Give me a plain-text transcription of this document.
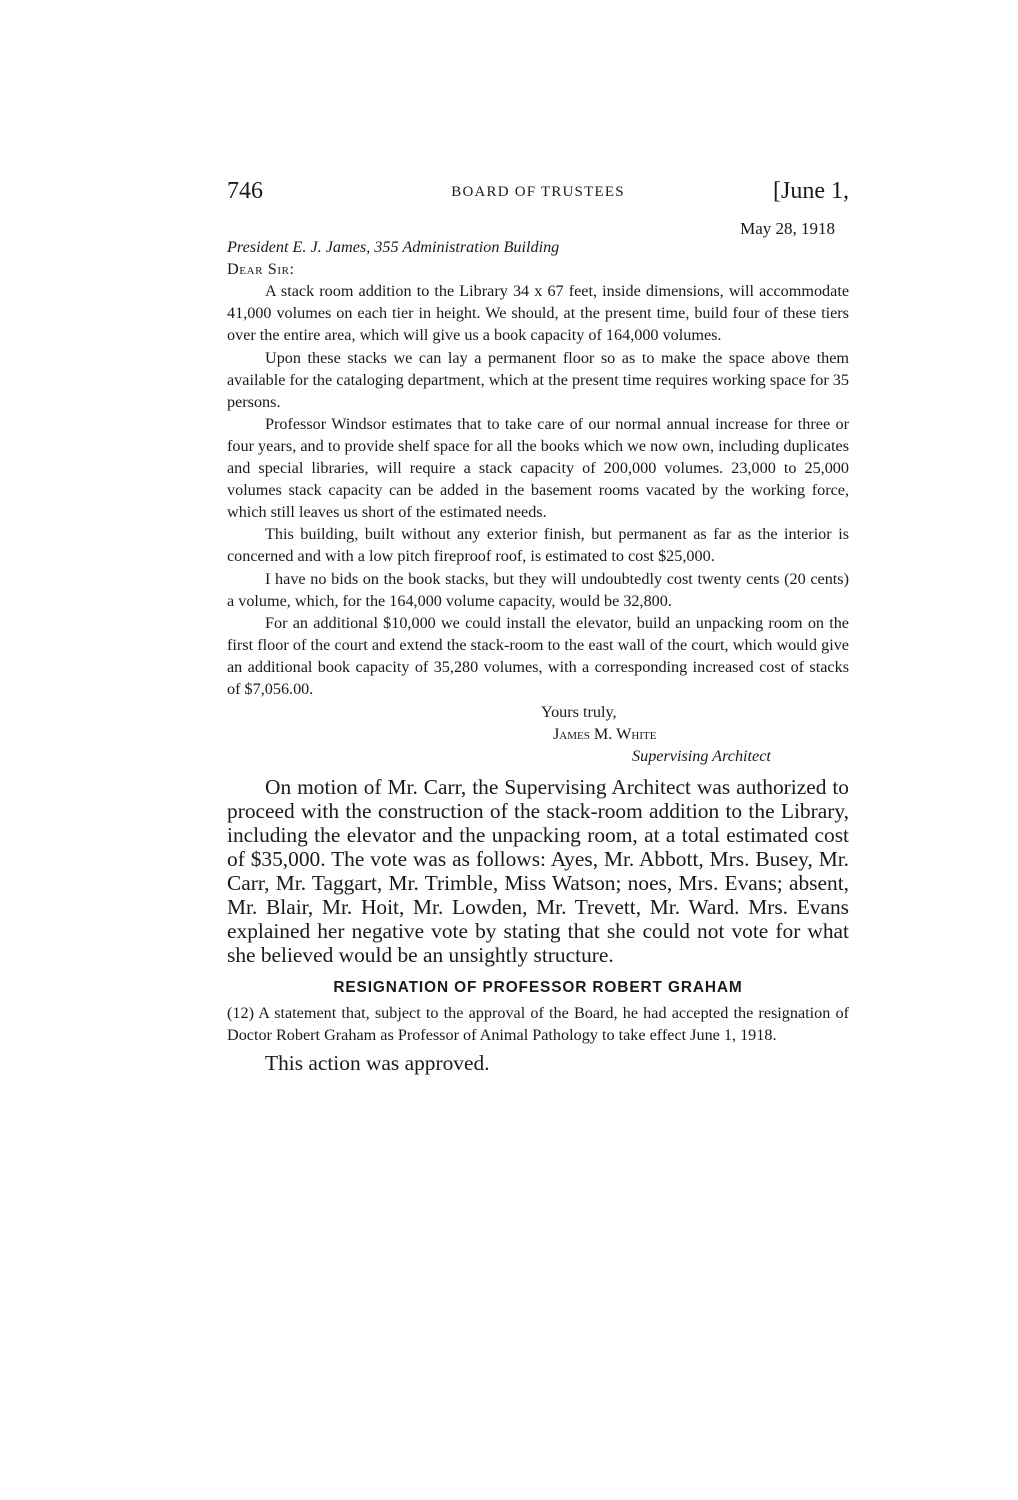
746	BOARD OF TRUSTEES	[June 1,
May 28, 1918
President E. J. James, 355 Administration Building
Dear Sir:

A stack room addition to the Library 34 x 67 feet, inside dimensions, will accommodate 41,000 volumes on each tier in height. We should, at the present time, build four of these tiers over the entire area, which will give us a book capacity of 164,000 volumes.

Upon these stacks we can lay a permanent floor so as to make the space above them available for the cataloging department, which at the present time requires working space for 35 persons.

Professor Windsor estimates that to take care of our normal annual increase for three or four years, and to provide shelf space for all the books which we now own, including duplicates and special libraries, will require a stack capacity of 200,000 volumes. 23,000 to 25,000 volumes stack capacity can be added in the basement rooms vacated by the working force, which still leaves us short of the estimated needs.

This building, built without any exterior finish, but permanent as far as the interior is concerned and with a low pitch fireproof roof, is estimated to cost $25,000.

I have no bids on the book stacks, but they will undoubtedly cost twenty cents (20 cents) a volume, which, for the 164,000 volume capacity, would be 32,800.

For an additional $10,000 we could install the elevator, build an unpacking room on the first floor of the court and extend the stack-room to the east wall of the court, which would give an additional book capacity of 35,280 volumes, with a corresponding increased cost of stacks of $7,056.00.

Yours truly,
James M. White
Supervising Architect

On motion of Mr. Carr, the Supervising Architect was authorized to proceed with the construction of the stack-room addition to the Library, including the elevator and the unpacking room, at a total estimated cost of $35,000. The vote was as follows: Ayes, Mr. Abbott, Mrs. Busey, Mr. Carr, Mr. Taggart, Mr. Trimble, Miss Watson; noes, Mrs. Evans; absent, Mr. Blair, Mr. Hoit, Mr. Lowden, Mr. Trevett, Mr. Ward. Mrs. Evans explained her negative vote by stating that she could not vote for what she believed would be an unsightly structure.

RESIGNATION OF PROFESSOR ROBERT GRAHAM

(12) A statement that, subject to the approval of the Board, he had accepted the resignation of Doctor Robert Graham as Professor of Animal Pathology to take effect June 1, 1918.

This action was approved.
